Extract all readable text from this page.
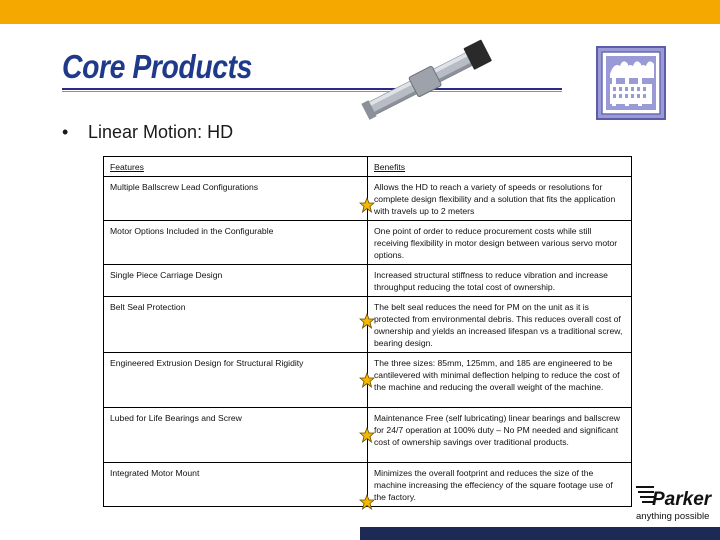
Core Products
• Linear Motion: HD
Features	Benefits
Multiple Ballscrew Lead Configurations	Allows the HD to reach a variety of speeds or resolutions for complete design flexibility and a solution that fits the application with travels up to 2 meters
Motor Options Included in the Configurable	One point of order to reduce procurement costs while still receiving flexibility in motor design between various servo motor options.
Single Piece Carriage Design	Increased structural stiffness to reduce vibration and increase throughput reducing the total cost of ownership.
Belt Seal Protection	The belt seal reduces the need for PM on the unit as it is protected from environmental debris. This reduces overall cost of ownership and yields an increased lifespan vs a traditional screw, bearing design.
Engineered Extrusion Design for Structural Rigidity	The three sizes: 85mm, 125mm, and 185 are engineered to be cantilevered with minimal deflection helping to reduce the cost of the machine and reducing the overall weight of the machine.
Lubed for Life Bearings and Screw	Maintenance Free (self lubricating) linear bearings and ballscrew for 24/7 operation at 100% duty – No PM needed and significant cost of ownership savings over traditional products.
Integrated Motor Mount	Minimizes the overall footprint and reduces the size of the machine increasing the effeciency of the square footage use of the factory.	Parker
anything possible
